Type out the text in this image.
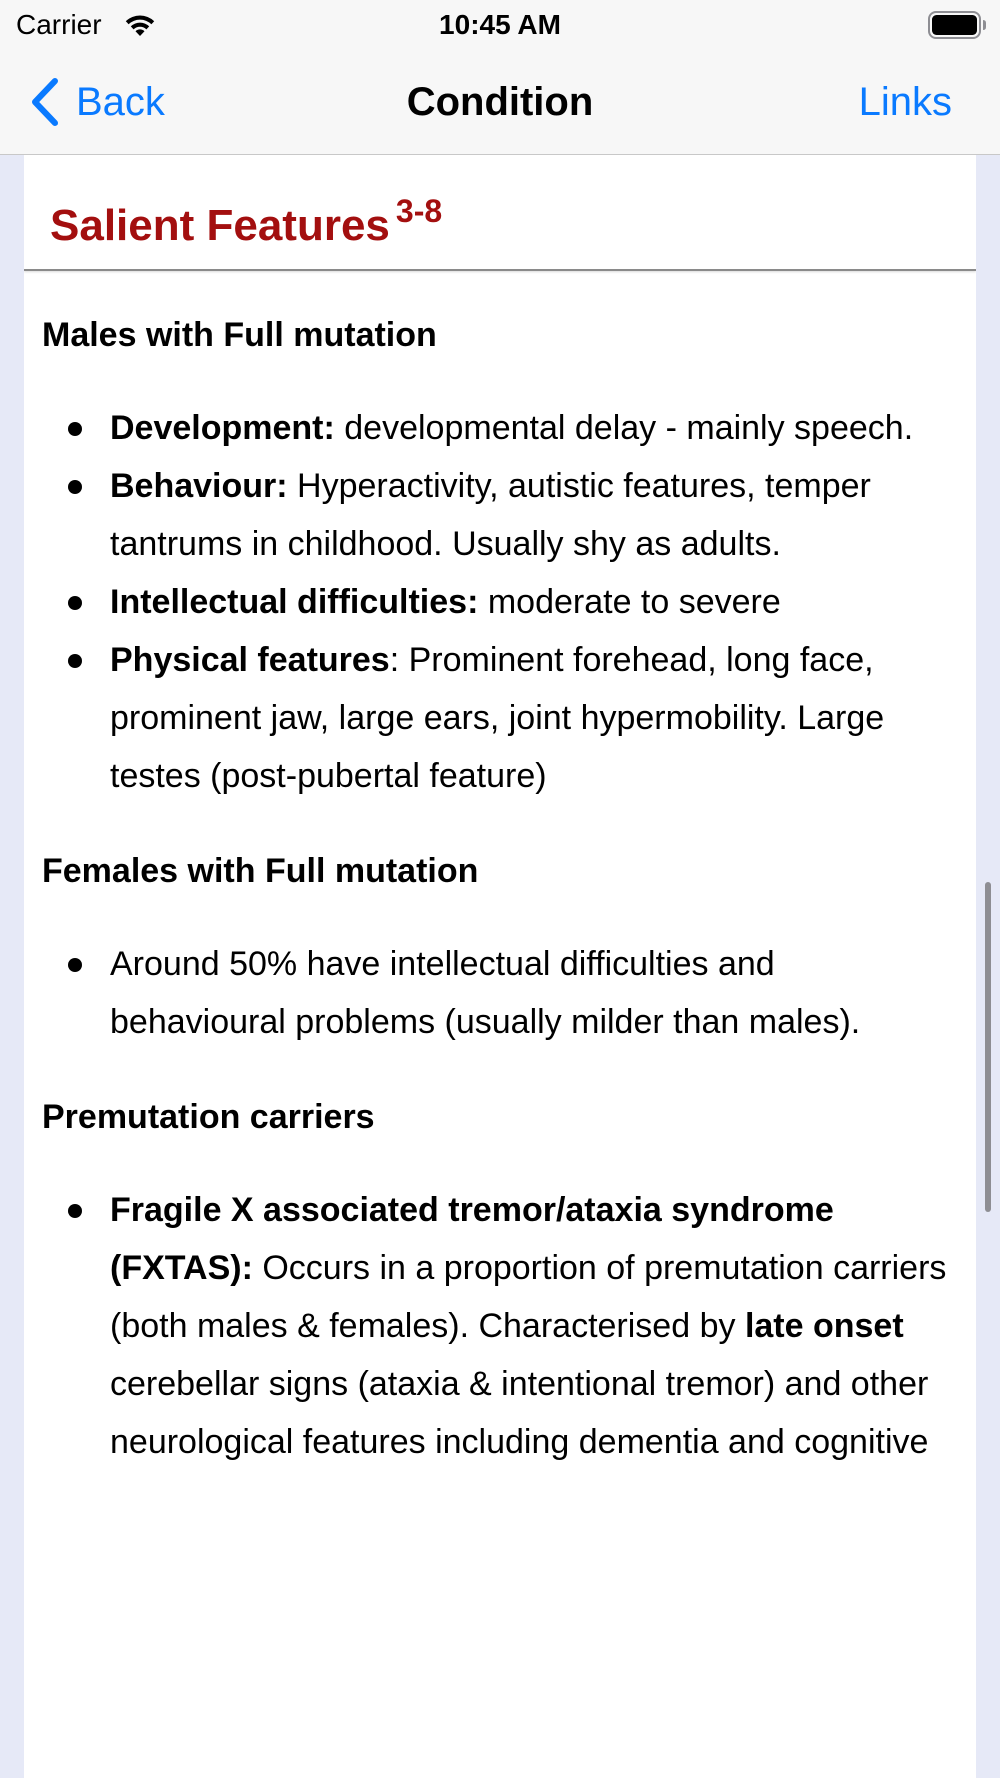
Carrier	10:45 AM
Back	Condition	Links
Salient Features $^{3-8}$
Males with Full mutation
Development: developmental delay - mainly speech.
Behaviour: Hyperactivity, autistic features, temper tantrums in childhood. Usually shy as adults.
Intellectual difficulties: moderate to severe
Physical features: Prominent forehead, long face, prominent jaw, large ears, joint hypermobility. Large testes (post-pubertal feature)
Females with Full mutation
Around 50% have intellectual difficulties and behavioural problems (usually milder than males).
Premutation carriers
Fragile X associated tremor/ataxia syndrome (FXTAS): Occurs in a proportion of premutation carriers (both males & females). Characterised by late onset cerebellar signs (ataxia & intentional tremor) and other neurological features including dementia and cognitive
